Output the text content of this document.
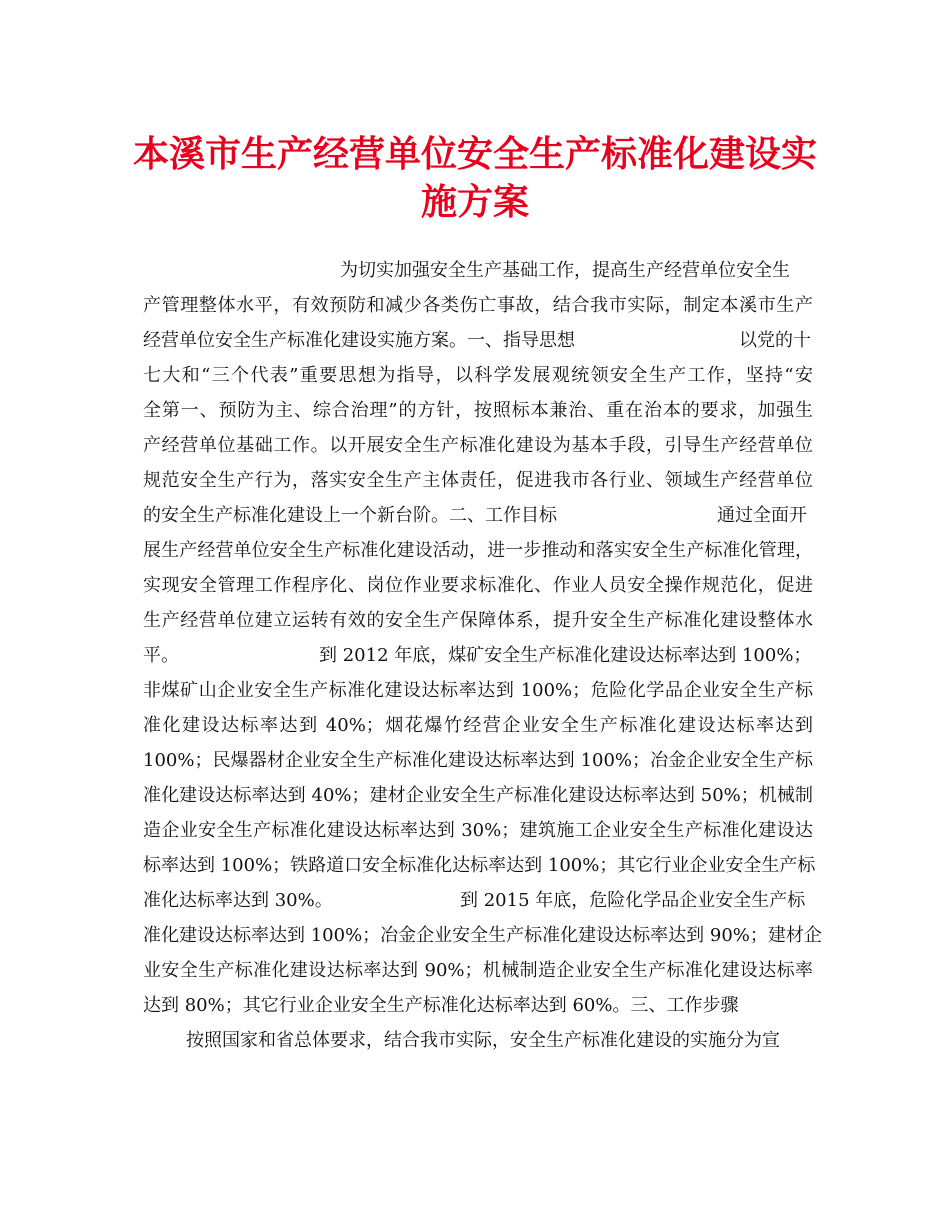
本溪市生产经营单位安全生产标准化建设实
施方案
为切实加强安全生产基础工作，提高生产经营单位安全生
产管理整体水平，有效预防和减少各类伤亡事故，结合我市实际，制定本溪市生产
经营单位安全生产标准化建设实施方案。一、指导思想	以党的十
七大和“三个代表”重要思想为指导，以科学发展观统领安全生产工作，坚持“安
全第一、预防为主、综合治理”的方针，按照标本兼治、重在治本的要求，加强生
产经营单位基础工作。以开展安全生产标准化建设为基本手段，引导生产经营单位
规范安全生产行为，落实安全生产主体责任，促进我市各行业、领域生产经营单位
的安全生产标准化建设上一个新台阶。二、工作目标	通过全面开
展生产经营单位安全生产标准化建设活动，进一步推动和落实安全生产标准化管理，
实现安全管理工作程序化、岗位作业要求标准化、作业人员安全操作规范化，促进
生产经营单位建立运转有效的安全生产保障体系，提升安全生产标准化建设整体水
平。	到 2012 年底，煤矿安全生产标准化建设达标率达到 100%；
非煤矿山企业安全生产标准化建设达标率达到 100%；危险化学品企业安全生产标
准化建设达标率达到 40%；烟花爆竹经营企业安全生产标准化建设达标率达到
100%；民爆器材企业安全生产标准化建设达标率达到 100%；冶金企业安全生产标
准化建设达标率达到 40%；建材企业安全生产标准化建设达标率达到 50%；机械制
造企业安全生产标准化建设达标率达到 30%；建筑施工企业安全生产标准化建设达
标率达到 100%；铁路道口安全标准化达标率达到 100%；其它行业企业安全生产标
准化达标率达到 30%。	到 2015 年底，危险化学品企业安全生产标
准化建设达标率达到 100%；冶金企业安全生产标准化建设达标率达到 90%；建材企
业安全生产标准化建设达标率达到 90%；机械制造企业安全生产标准化建设达标率
达到 80%；其它行业企业安全生产标准化达标率达到 60%。三、工作步骤
按照国家和省总体要求，结合我市实际，安全生产标准化建设的实施分为宣
